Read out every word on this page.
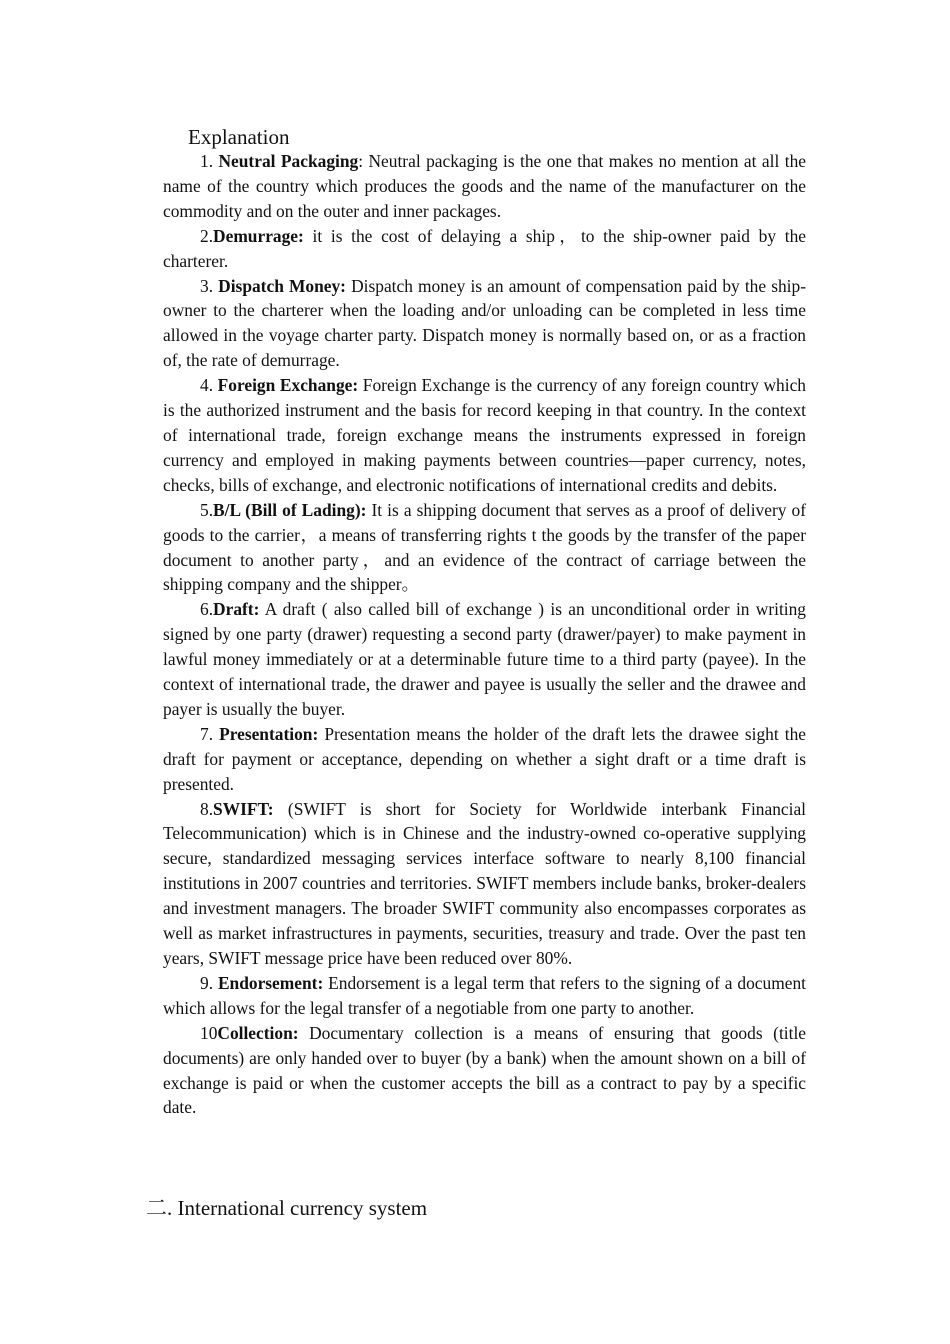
Explanation

1. Neutral Packaging: Neutral packaging is the one that makes no mention at all the name of the country which produces the goods and the name of the manufacturer on the commodity and on the outer and inner packages.

2.Demurrage: it is the cost of delaying a ship，to the ship-owner paid by the charterer.

3. Dispatch Money: Dispatch money is an amount of compensation paid by the ship-owner to the charterer when the loading and/or unloading can be completed in less time allowed in the voyage charter party. Dispatch money is normally based on, or as a fraction of, the rate of demurrage.

4. Foreign Exchange: Foreign Exchange is the currency of any foreign country which is the authorized instrument and the basis for record keeping in that country. In the context of international trade, foreign exchange means the instruments expressed in foreign currency and employed in making payments between countries—paper currency, notes, checks, bills of exchange, and electronic notifications of international credits and debits.

5.B/L (Bill of Lading): It is a shipping document that serves as a proof of delivery of goods to the carrier，a means of transferring rights t the goods by the transfer of the paper document to another party，and an evidence of the contract of carriage between the shipping company and the shipper。

6.Draft: A draft ( also called bill of exchange ) is an unconditional order in writing signed by one party (drawer) requesting a second party (drawer/payer) to make payment in lawful money immediately or at a determinable future time to a third party (payee). In the context of international trade, the drawer and payee is usually the seller and the drawee and payer is usually the buyer.

7. Presentation: Presentation means the holder of the draft lets the drawee sight the draft for payment or acceptance, depending on whether a sight draft or a time draft is presented.

8.SWIFT: (SWIFT is short for Society for Worldwide interbank Financial Telecommunication) which is in Chinese and the industry-owned co-operative supplying secure, standardized messaging services interface software to nearly 8,100 financial institutions in 2007 countries and territories. SWIFT members include banks, broker-dealers and investment managers. The broader SWIFT community also encompasses corporates as well as market infrastructures in payments, securities, treasury and trade. Over the past ten years, SWIFT message price have been reduced over 80%.

9. Endorsement: Endorsement is a legal term that refers to the signing of a document which allows for the legal transfer of a negotiable from one party to another.

10Collection: Documentary collection is a means of ensuring that goods (title documents) are only handed over to buyer (by a bank) when the amount shown on a bill of exchange is paid or when the customer accepts the bill as a contract to pay by a specific date.

二. International currency system
